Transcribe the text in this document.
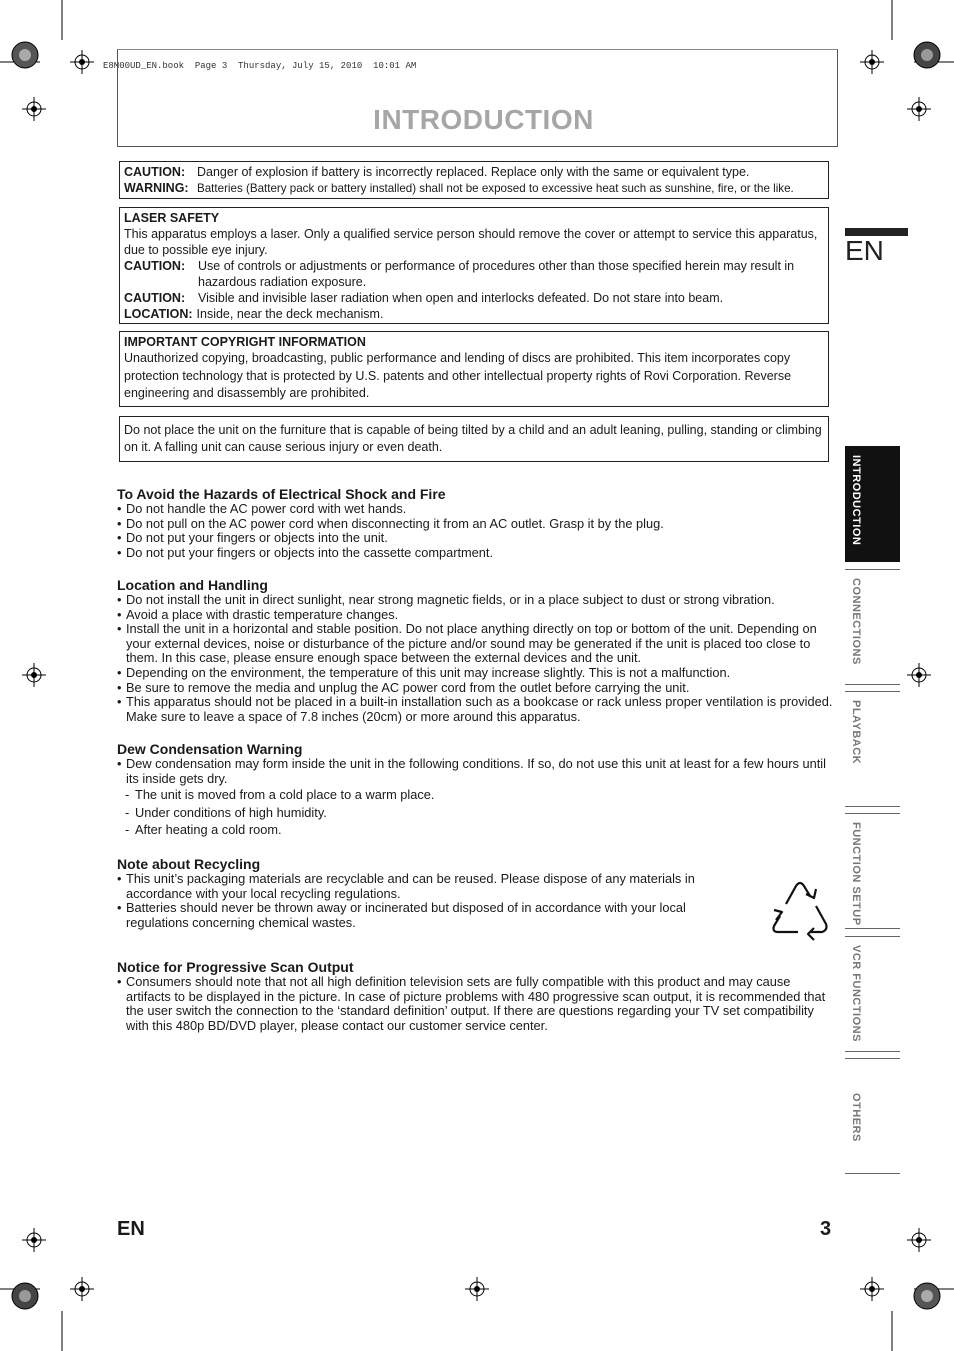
E8M00UD_EN.book  Page 3  Thursday, July 15, 2010  10:01 AM
INTRODUCTION
CAUTION: Danger of explosion if battery is incorrectly replaced. Replace only with the same or equivalent type.
WARNING: Batteries (Battery pack or battery installed) shall not be exposed to excessive heat such as sunshine, fire, or the like.
LASER SAFETY
This apparatus employs a laser. Only a qualified service person should remove the cover or attempt to service this apparatus, due to possible eye injury.
CAUTION:	Use of controls or adjustments or performance of procedures other than those specified herein may result in hazardous radiation exposure.
CAUTION:	Visible and invisible laser radiation when open and interlocks defeated. Do not stare into beam.
LOCATION: Inside, near the deck mechanism.
IMPORTANT COPYRIGHT INFORMATION
Unauthorized copying, broadcasting, public performance and lending of discs are prohibited. This item incorporates copy protection technology that is protected by U.S. patents and other intellectual property rights of Rovi Corporation. Reverse engineering and disassembly are prohibited.
Do not place the unit on the furniture that is capable of being tilted by a child and an adult leaning, pulling, standing or climbing on it. A falling unit can cause serious injury or even death.
To Avoid the Hazards of Electrical Shock and Fire
• Do not handle the AC power cord with wet hands.
• Do not pull on the AC power cord when disconnecting it from an AC outlet. Grasp it by the plug.
• Do not put your fingers or objects into the unit.
• Do not put your fingers or objects into the cassette compartment.
Location and Handling
• Do not install the unit in direct sunlight, near strong magnetic fields, or in a place subject to dust or strong vibration.
• Avoid a place with drastic temperature changes.
• Install the unit in a horizontal and stable position. Do not place anything directly on top or bottom of the unit. Depending on your external devices, noise or disturbance of the picture and/or sound may be generated if the unit is placed too close to them. In this case, please ensure enough space between the external devices and the unit.
• Depending on the environment, the temperature of this unit may increase slightly. This is not a malfunction.
• Be sure to remove the media and unplug the AC power cord from the outlet before carrying the unit.
• This apparatus should not be placed in a built-in installation such as a bookcase or rack unless proper ventilation is provided. Make sure to leave a space of 7.8 inches (20cm) or more around this apparatus.
Dew Condensation Warning
• Dew condensation may form inside the unit in the following conditions. If so, do not use this unit at least for a few hours until its inside gets dry.
- The unit is moved from a cold place to a warm place.
- Under conditions of high humidity.
- After heating a cold room.
Note about Recycling
• This unit’s packaging materials are recyclable and can be reused. Please dispose of any materials in accordance with your local recycling regulations.
• Batteries should never be thrown away or incinerated but disposed of in accordance with your local regulations concerning chemical wastes.
Notice for Progressive Scan Output
• Consumers should note that not all high definition television sets are fully compatible with this product and may cause artifacts to be displayed in the picture. In case of picture problems with 480 progressive scan output, it is recommended that the user switch the connection to the ‘standard definition’ output. If there are questions regarding your TV set compatibility with this 480p BD/DVD player, please contact our customer service center.
EN
INTRODUCTION
CONNECTIONS
PLAYBACK
FUNCTION SETUP
VCR FUNCTIONS
OTHERS
EN	3
